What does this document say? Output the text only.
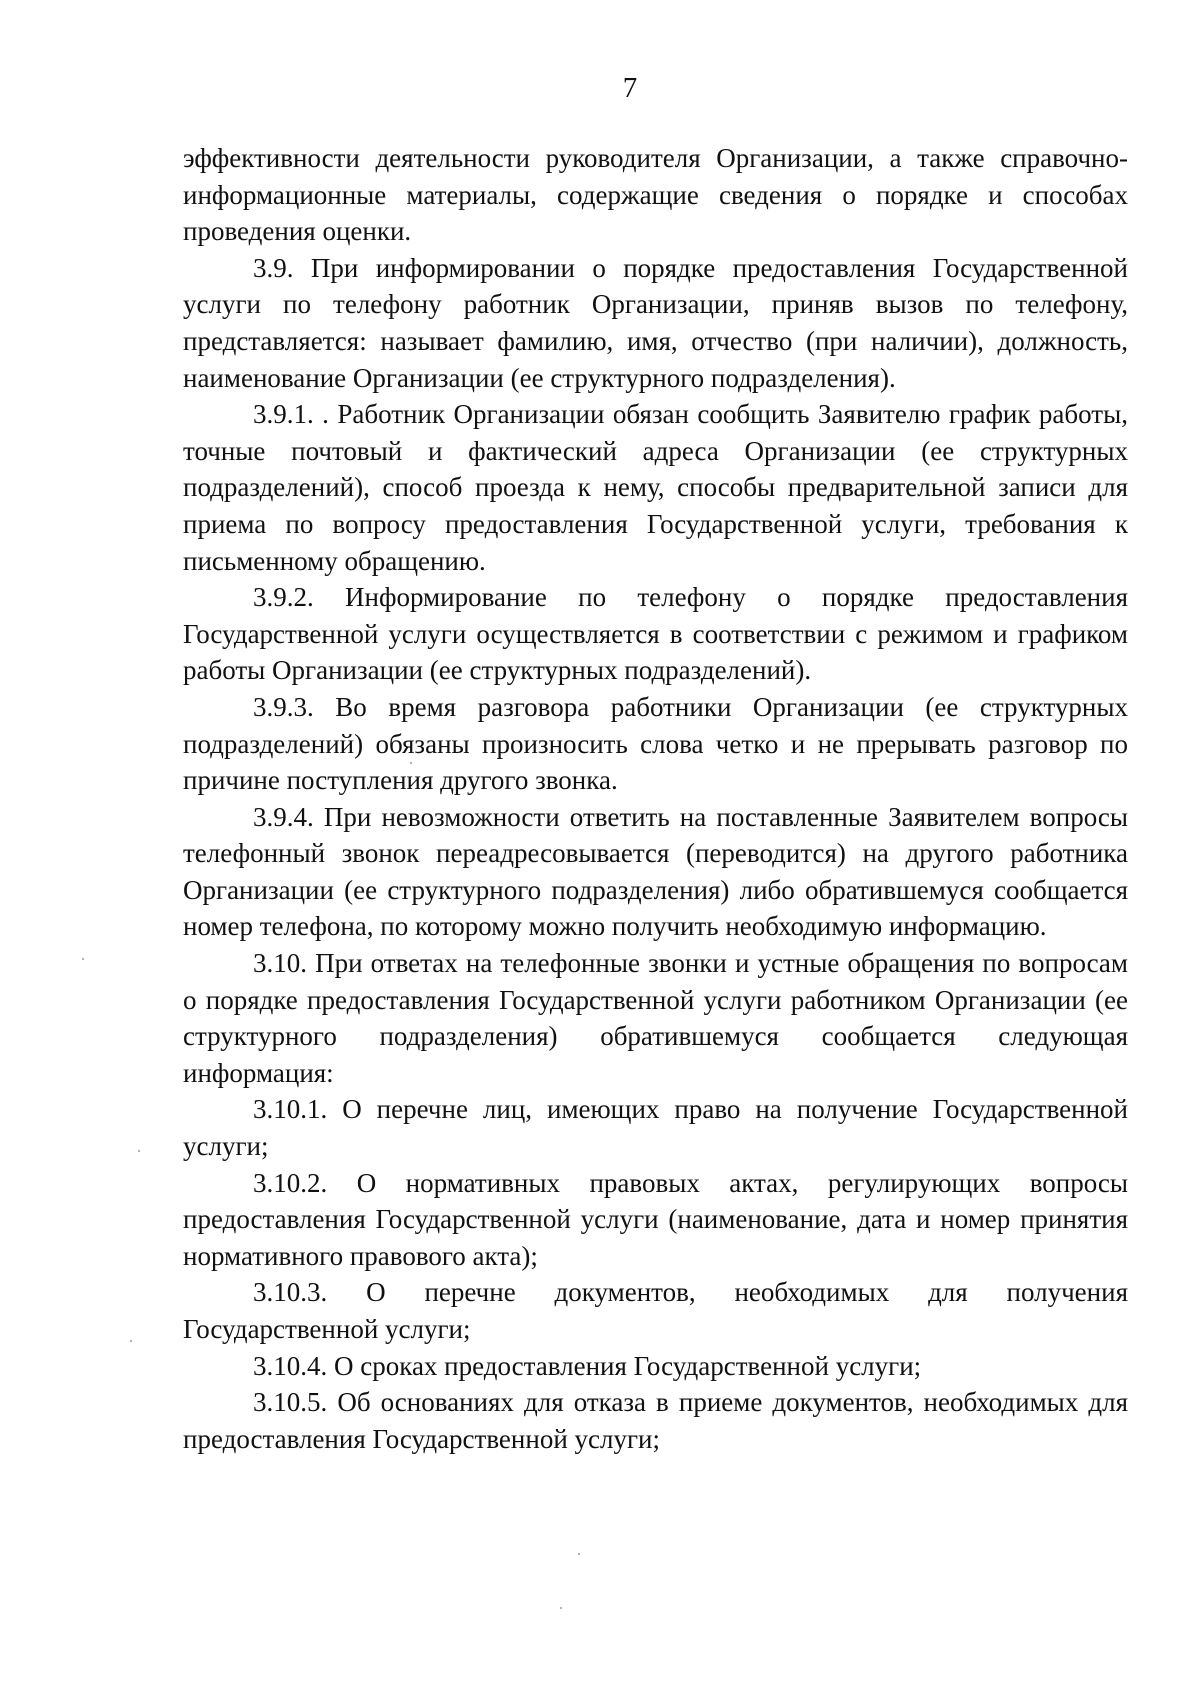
7

эффективности деятельности руководителя Организации, а также справочно-информационные материалы, содержащие сведения о порядке и способах проведения оценки.

3.9. При информировании о порядке предоставления Государственной услуги по телефону работник Организации, приняв вызов по телефону, представляется: называет фамилию, имя, отчество (при наличии), должность, наименование Организации (ее структурного подразделения).

3.9.1. . Работник Организации обязан сообщить Заявителю график работы, точные почтовый и фактический адреса Организации (ее структурных подразделений), способ проезда к нему, способы предварительной записи для приема по вопросу предоставления Государственной услуги, требования к письменному обращению.

3.9.2. Информирование по телефону о порядке предоставления Государственной услуги осуществляется в соответствии с режимом и графиком работы Организации (ее структурных подразделений).

3.9.3. Во время разговора работники Организации (ее структурных подразделений) обязаны произносить слова четко и не прерывать разговор по причине поступления другого звонка.

3.9.4. При невозможности ответить на поставленные Заявителем вопросы телефонный звонок переадресовывается (переводится) на другого работника Организации (ее структурного подразделения) либо обратившемуся сообщается номер телефона, по которому можно получить необходимую информацию.

3.10. При ответах на телефонные звонки и устные обращения по вопросам о порядке предоставления Государственной услуги работником Организации (ее структурного подразделения) обратившемуся сообщается следующая информация:

3.10.1. О перечне лиц, имеющих право на получение Государственной услуги;

3.10.2. О нормативных правовых актах, регулирующих вопросы предоставления Государственной услуги (наименование, дата и номер принятия нормативного правового акта);

3.10.3. О перечне документов, необходимых для получения Государственной услуги;

3.10.4. О сроках предоставления Государственной услуги;

3.10.5. Об основаниях для отказа в приеме документов, необходимых для предоставления Государственной услуги;
